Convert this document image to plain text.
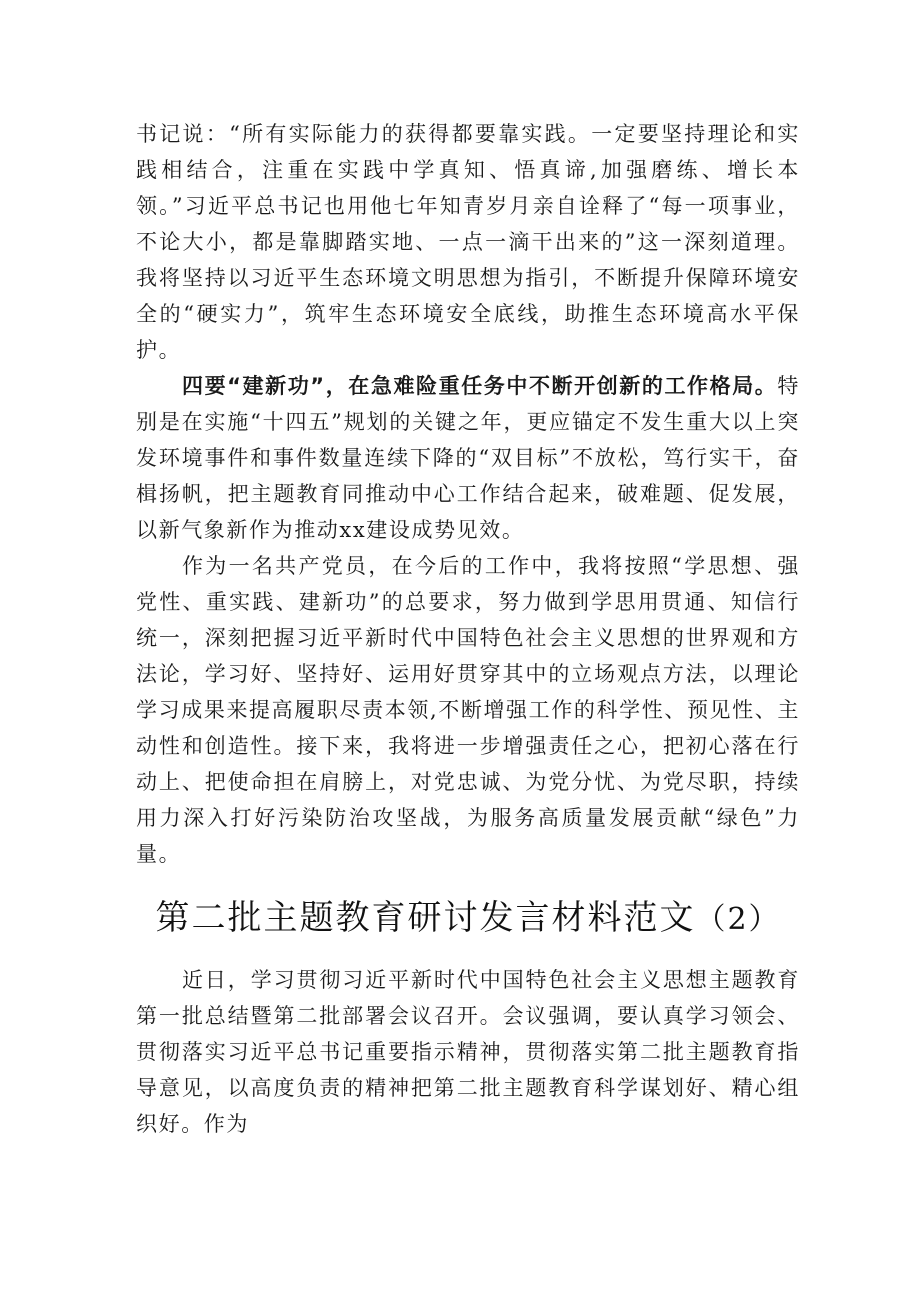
书记说：“所有实际能力的获得都要靠实践。一定要坚持理论和实践相结合，注重在实践中学真知、悟真谛,加强磨练、增长本领。”习近平总书记也用他七年知青岁月亲自诠释了“每一项事业，不论大小，都是靠脚踏实地、一点一滴干出来的”这一深刻道理。我将坚持以习近平生态环境文明思想为指引，不断提升保障环境安全的“硬实力”，筑牢生态环境安全底线，助推生态环境高水平保护。

四要“建新功”，在急难险重任务中不断开创新的工作格局。特别是在实施“十四五”规划的关键之年，更应锚定不发生重大以上突发环境事件和事件数量连续下降的“双目标”不放松，笃行实干，奋楫扬帆，把主题教育同推动中心工作结合起来，破难题、促发展，以新气象新作为推动xx建设成势见效。

作为一名共产党员，在今后的工作中，我将按照“学思想、强党性、重实践、建新功”的总要求，努力做到学思用贯通、知信行统一，深刻把握习近平新时代中国特色社会主义思想的世界观和方法论，学习好、坚持好、运用好贯穿其中的立场观点方法，以理论学习成果来提高履职尽责本领,不断增强工作的科学性、预见性、主动性和创造性。接下来，我将进一步增强责任之心，把初心落在行动上、把使命担在肩膀上，对党忠诚、为党分忧、为党尽职，持续用力深入打好污染防治攻坚战，为服务高质量发展贡献“绿色”力量。

第二批主题教育研讨发言材料范文（2）

近日，学习贯彻习近平新时代中国特色社会主义思想主题教育第一批总结暨第二批部署会议召开。会议强调，要认真学习领会、贯彻落实习近平总书记重要指示精神，贯彻落实第二批主题教育指导意见，以高度负责的精神把第二批主题教育科学谋划好、精心组织好。作为
